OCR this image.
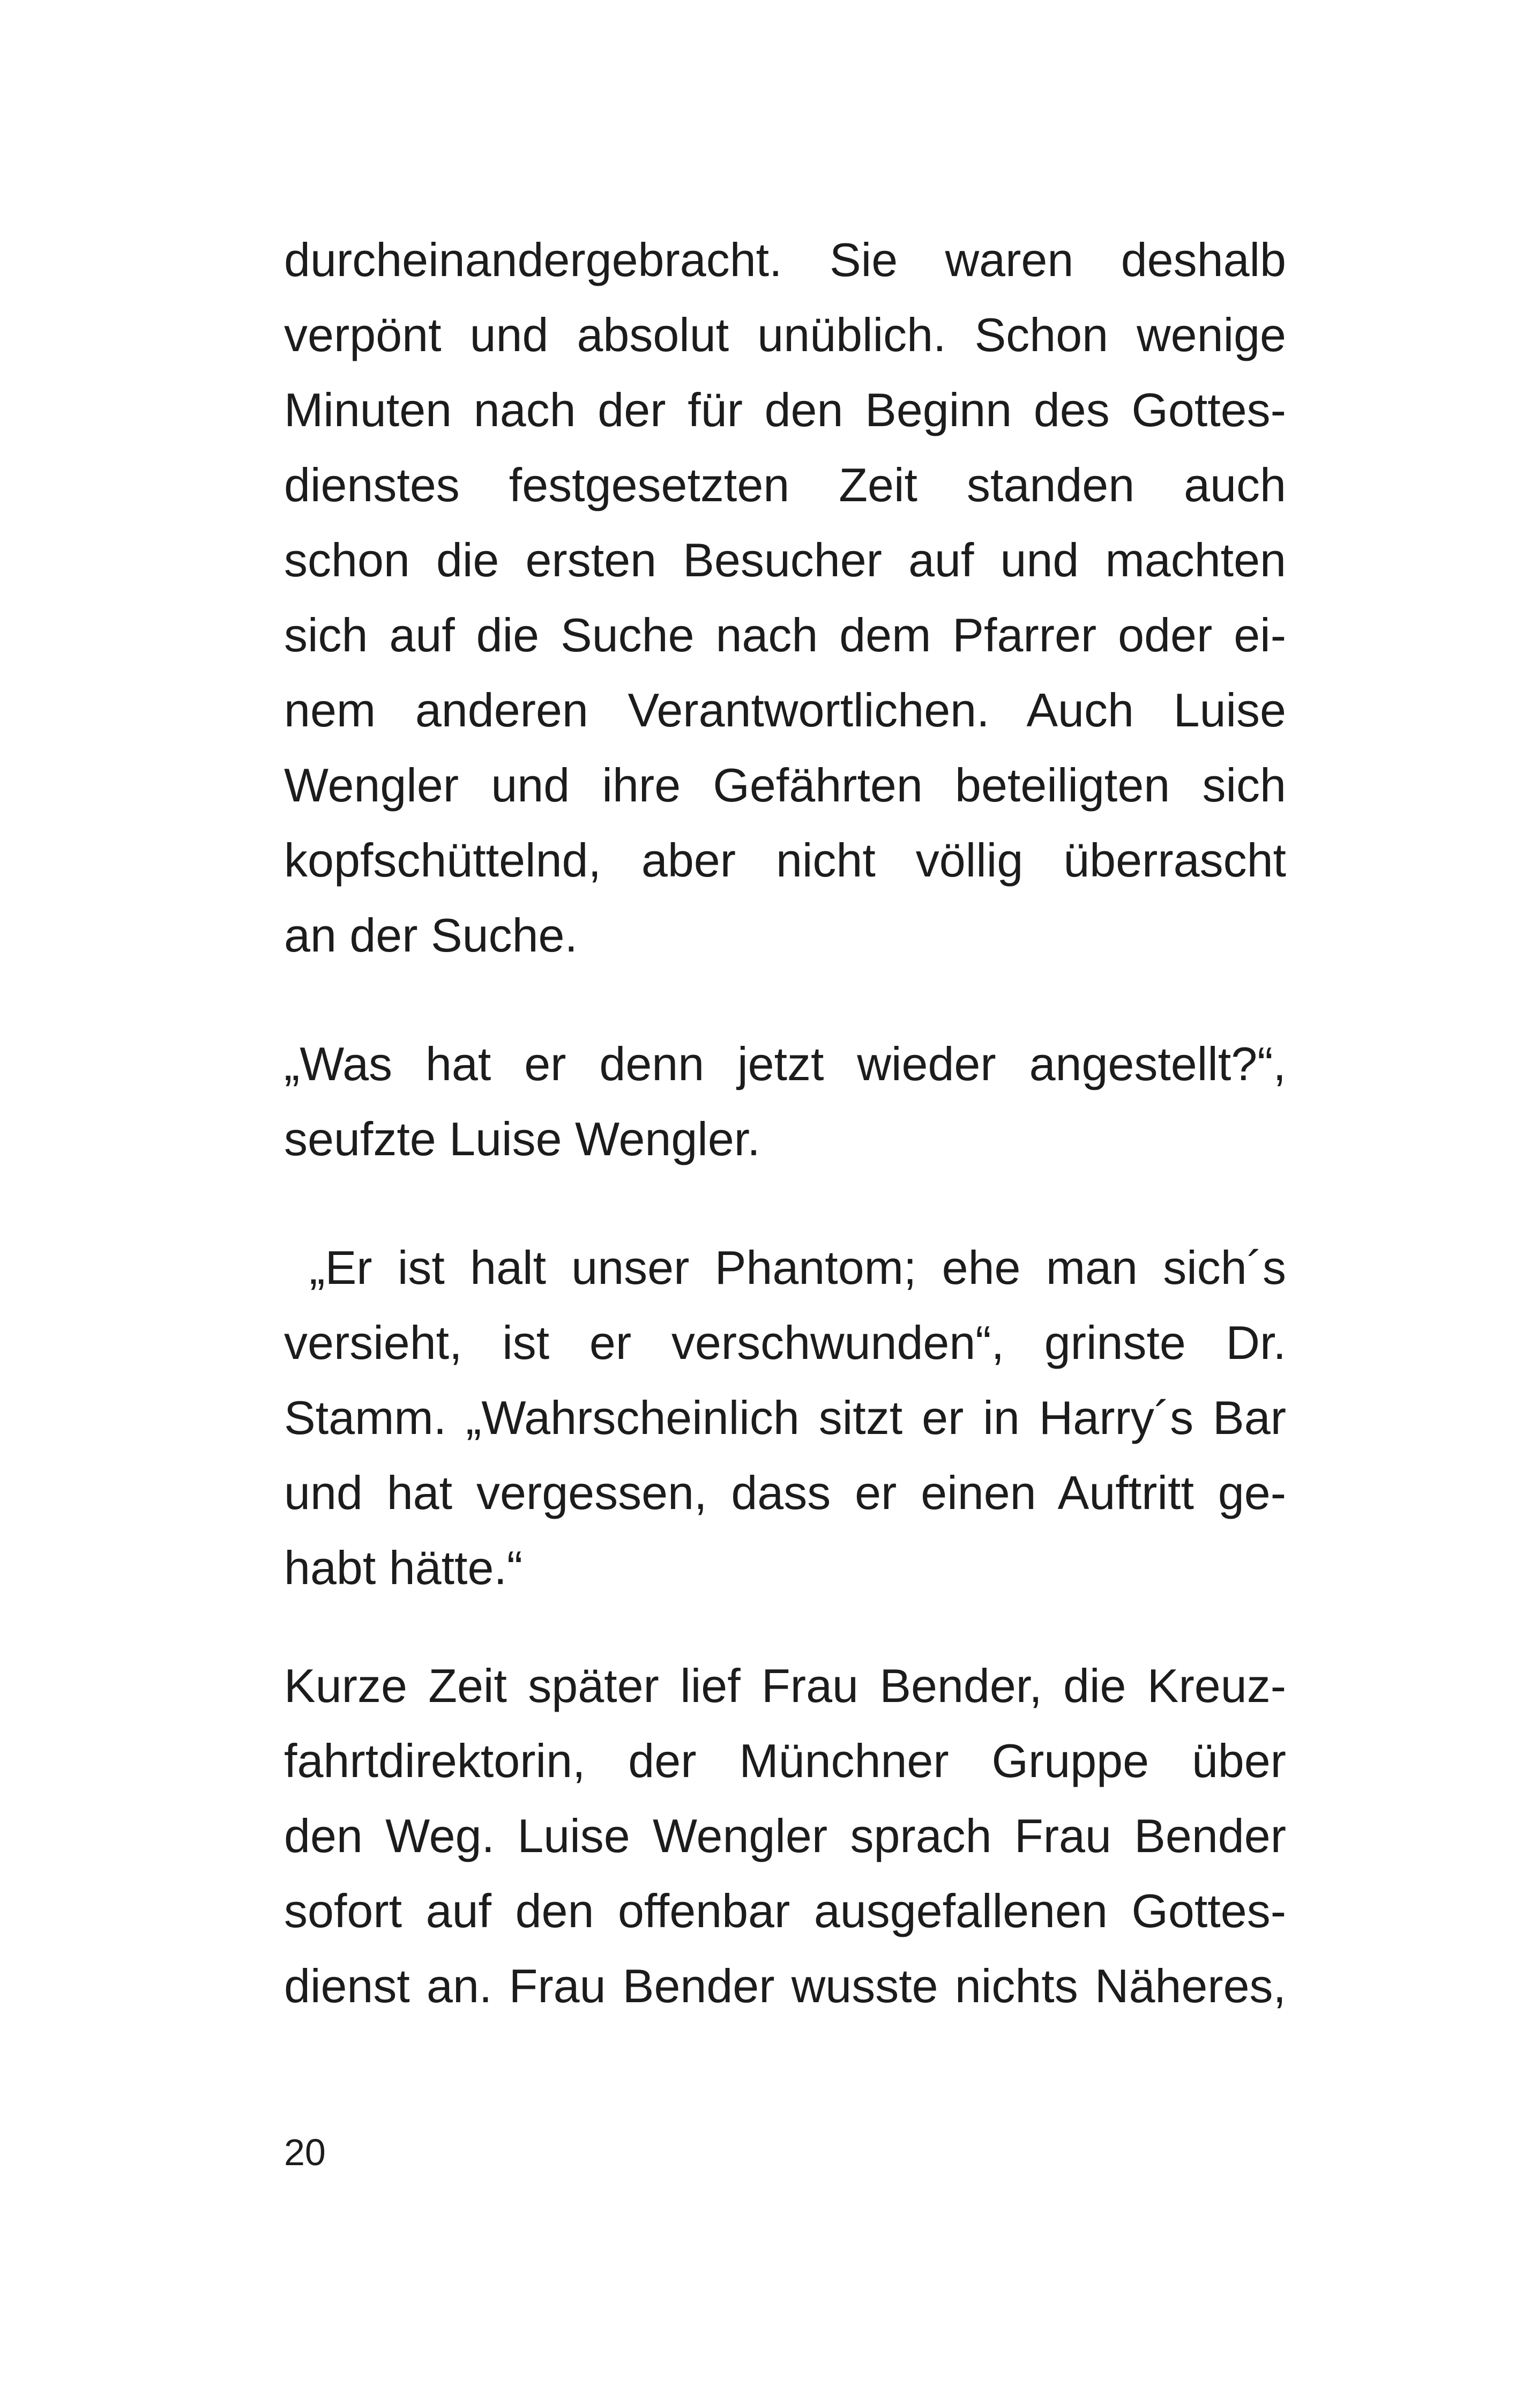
durcheinandergebracht. Sie waren deshalb
verpönt und absolut unüblich. Schon wenige
Minuten nach der für den Beginn des Gottes-
dienstes festgesetzten Zeit standen auch
schon die ersten Besucher auf und machten
sich auf die Suche nach dem Pfarrer oder ei-
nem anderen Verantwortlichen. Auch Luise
Wengler und ihre Gefährten beteiligten sich
kopfschüttelnd, aber nicht völlig überrascht
an der Suche.
„Was hat er denn jetzt wieder angestellt?“,
seufzte Luise Wengler.
„Er ist halt unser Phantom; ehe man sich´s
versieht, ist er verschwunden“, grinste Dr.
Stamm. „Wahrscheinlich sitzt er in Harry´s Bar
und hat vergessen, dass er einen Auftritt ge-
habt hätte.“
Kurze Zeit später lief Frau Bender, die Kreuz-
fahrtdirektorin, der Münchner Gruppe über
den Weg. Luise Wengler sprach Frau Bender
sofort auf den offenbar ausgefallenen Gottes-
dienst an. Frau Bender wusste nichts Näheres,
20
